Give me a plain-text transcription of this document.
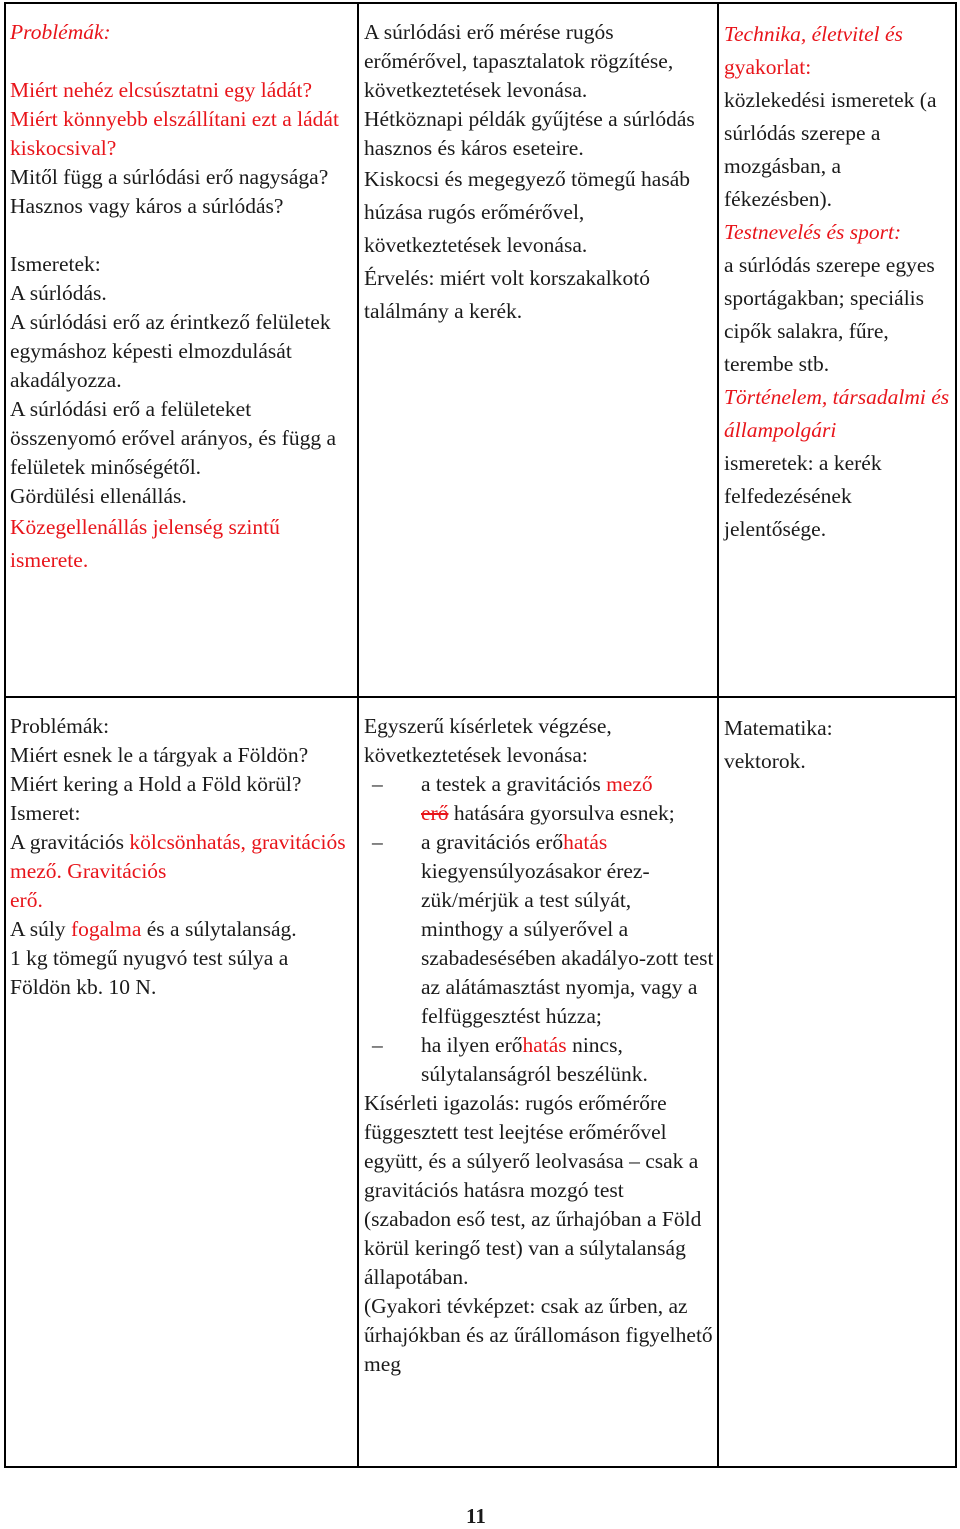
Problémák:

Miért nehéz elcsúsztatni egy ládát?

Miért könnyebb elszállítani ezt a ládát kiskocsival?

Mitől függ a súrlódási erő nagysága?

Hasznos vagy káros a súrlódás?

Ismeretek:

A súrlódás.

A súrlódási erő az érintkező felületek egymáshoz képesti elmozdulását akadályozza.

A súrlódási erő a felületeket összenyomó erővel arányos, és függ a felületek minőségétől.

Gördülési ellenállás.

Közegellenállás jelenség szintű ismerete.

A súrlódási erő mérése rugós erőmérővel, tapasztalatok rögzítése, következtetések levonása.

Hétköznapi példák gyűjtése a súrlódás hasznos és káros eseteire.

Kiskocsi és megegyező tömegű hasáb húzása rugós erőmérővel, következtetések levonása.

Érvelés: miért volt korszakalkotó találmány a kerék.

Technika, életvitel és

gyakorlat:

közlekedési ismeretek (a súrlódás szerepe a mozgásban, a fékezésben).

Testnevelés és sport:

a súrlódás szerepe egyes sportágakban; speciális cipők salakra, fűre, terembe stb.

Történelem, társadalmi és állampolgári

ismeretek: a kerék felfedezésének jelentősége.

Problémák:

Miért esnek le a tárgyak a Földön? Miért kering a Hold a Föld körül?

Ismeret:

A gravitációs kölcsönhatás, gravitációs mező. Gravitációs
erő.

A súly fogalma és a súlytalanság.

1 kg tömegű nyugvó test súlya a Földön kb. 10 N.

Egyszerű kísérletek végzése, következtetések levonása:

– a testek a gravitációs mező
erő hatására gyorsulva esnek;
– a gravitációs erőhatás kiegyensúlyozásakor érez-zük/mérjük a test súlyát, minthogy a súlyerővel a szabadesésében akadályo-zott test az alátámasztást nyomja, vagy a felfüggesztést húzza;
– ha ilyen erőhatás nincs, súlytalanságról beszélünk.

Kísérleti igazolás: rugós erőmérőre függesztett test leejtése erőmérővel együtt, és a súlyerő leolvasása – csak a gravitációs hatásra mozgó test (szabadon eső test, az űrhajóban a Föld körül keringő test) van a súlytalanság állapotában.

(Gyakori tévképzet: csak az űrben, az űrhajókban és az űrállomáson figyelhető meg

Matematika:

vektorok.

11
